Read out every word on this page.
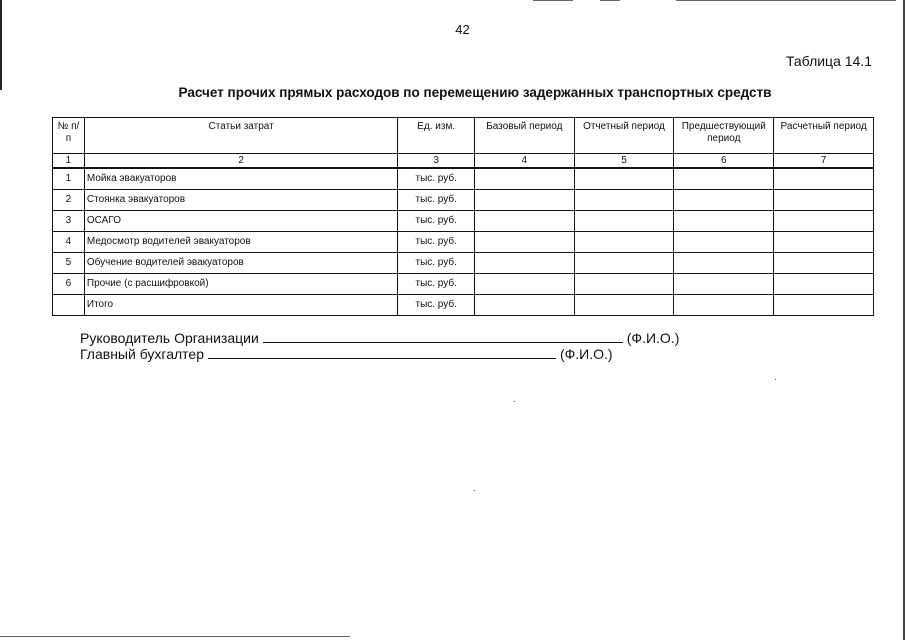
42
Таблица 14.1
Расчет прочих прямых расходов по перемещению задержанных транспортных средств
№ п/п	Статьи затрат	Ед. изм.	Базовый период	Отчетный период	Предшествующий период	Расчетный период
1	2	3	4	5	6	7
1	Мойка эвакуаторов	тыс. руб.				
2	Стоянка эвакуаторов	тыс. руб.				
3	ОСАГО	тыс. руб.				
4	Медосмотр водителей эвакуаторов	тыс. руб.				
5	Обучение водителей эвакуаторов	тыс. руб.				
6	Прочие (с расшифровкой)	тыс. руб.				
	Итого	тыс. руб.				
Руководитель Организации	(Ф.И.О.)
Главный бухгалтер	(Ф.И.О.)
